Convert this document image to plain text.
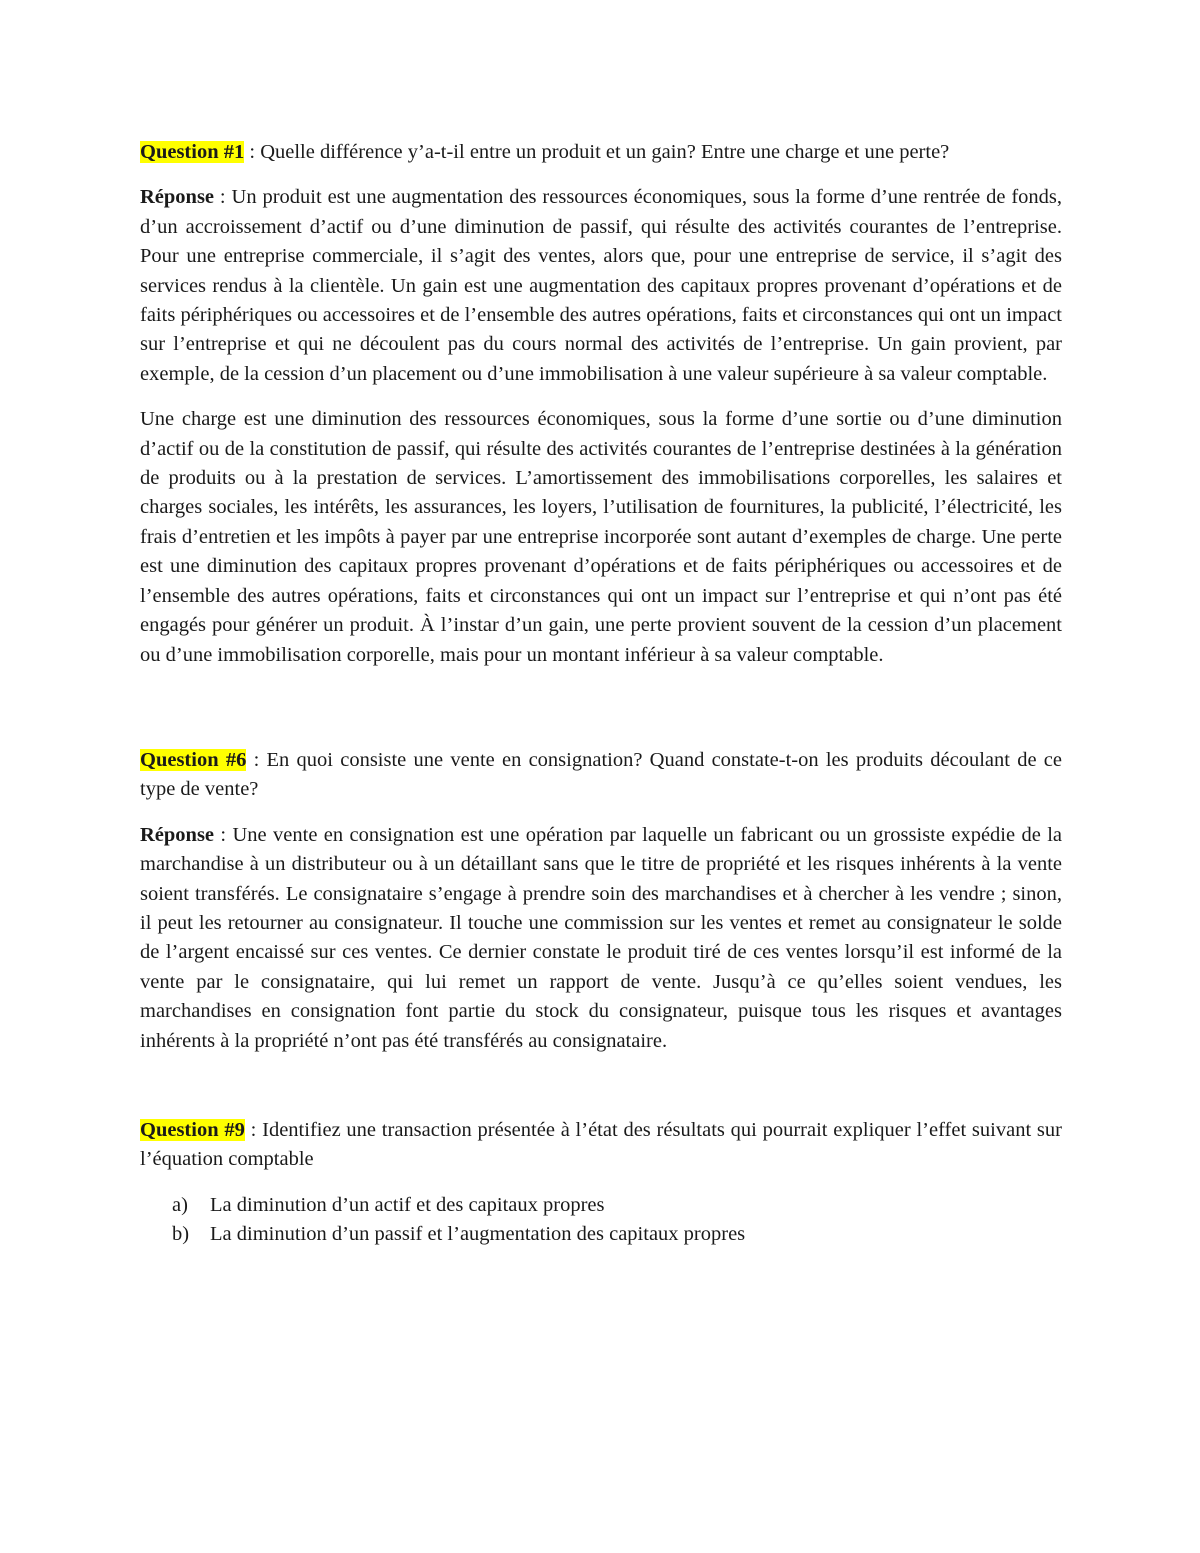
Question #1 : Quelle différence y’a-t-il entre un produit et un gain? Entre une charge et une perte?

Réponse : Un produit est une augmentation des ressources économiques, sous la forme d’une rentrée de fonds, d’un accroissement d’actif ou d’une diminution de passif, qui résulte des activités courantes de l’entreprise. Pour une entreprise commerciale, il s’agit des ventes, alors que, pour une entreprise de service, il s’agit des services rendus à la clientèle. Un gain est une augmentation des capitaux propres provenant d’opérations et de faits périphériques ou accessoires et de l’ensemble des autres opérations, faits et circonstances qui ont un impact sur l’entreprise et qui ne découlent pas du cours normal des activités de l’entreprise. Un gain provient, par exemple, de la cession d’un placement ou d’une immobilisation à une valeur supérieure à sa valeur comptable.

Une charge est une diminution des ressources économiques, sous la forme d’une sortie ou d’une diminution d’actif ou de la constitution de passif, qui résulte des activités courantes de l’entreprise destinées à la génération de produits ou à la prestation de services. L’amortissement des immobilisations corporelles, les salaires et charges sociales, les intérêts, les assurances, les loyers, l’utilisation de fournitures, la publicité, l’électricité, les frais d’entretien et les impôts à payer par une entreprise incorporée sont autant d’exemples de charge. Une perte est une diminution des capitaux propres provenant d’opérations et de faits périphériques ou accessoires et de l’ensemble des autres opérations, faits et circonstances qui ont un impact sur l’entreprise et qui n’ont pas été engagés pour générer un produit. À l’instar d’un gain, une perte provient souvent de la cession d’un placement ou d’une immobilisation corporelle, mais pour un montant inférieur à sa valeur comptable.

Question #6 : En quoi consiste une vente en consignation? Quand constate-t-on les produits découlant de ce type de vente?

Réponse : Une vente en consignation est une opération par laquelle un fabricant ou un grossiste expédie de la marchandise à un distributeur ou à un détaillant sans que le titre de propriété et les risques inhérents à la vente soient transférés. Le consignataire s’engage à prendre soin des marchandises et à chercher à les vendre ; sinon, il peut les retourner au consignateur. Il touche une commission sur les ventes et remet au consignateur le solde de l’argent encaissé sur ces ventes. Ce dernier constate le produit tiré de ces ventes lorsqu’il est informé de la vente par le consignataire, qui lui remet un rapport de vente. Jusqu’à ce qu’elles soient vendues, les marchandises en consignation font partie du stock du consignateur, puisque tous les risques et avantages inhérents à la propriété n’ont pas été transférés au consignataire.

Question #9 : Identifiez une transaction présentée à l’état des résultats qui pourrait expliquer l’effet suivant sur l’équation comptable

a) La diminution d’un actif et des capitaux propres
b) La diminution d’un passif et l’augmentation des capitaux propres
